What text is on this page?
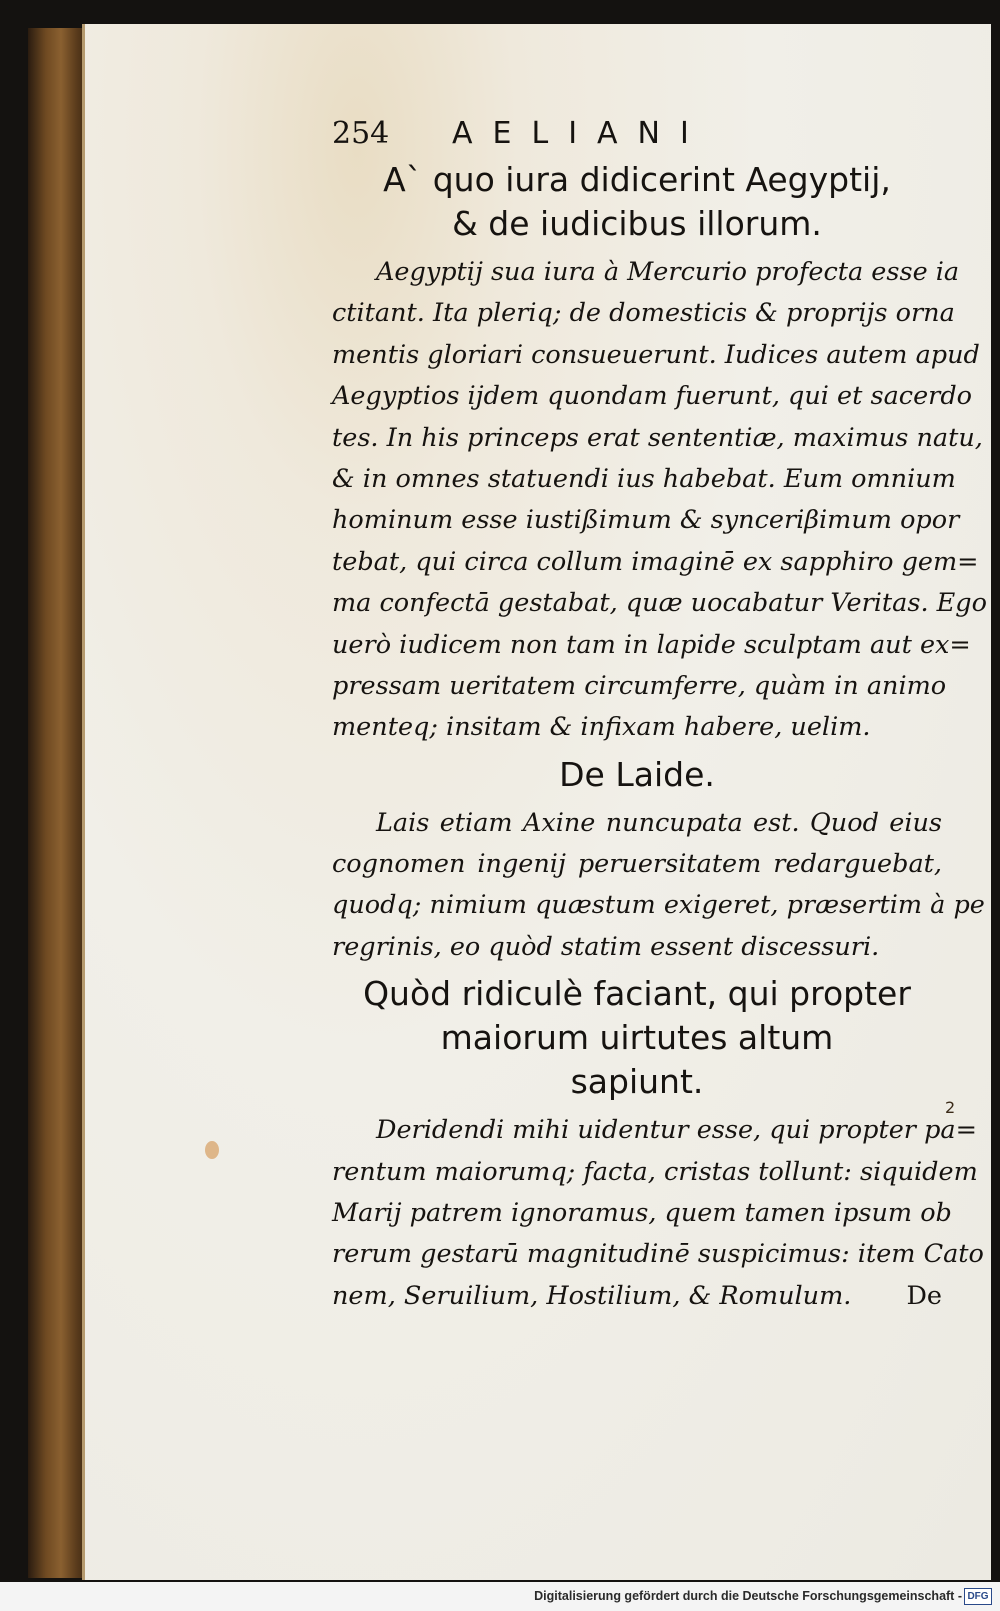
254	AELIANI

A` quo iura didicerint Aegyptij,

& de iudicibus illorum.

Aegyptij sua iura à Mercurio profecta esse ia
ctitant. Ita pleriq; de domesticis & proprijs orna
mentis gloriari consueuerunt. Iudices autem apud
Aegyptios ijdem quondam fuerunt, qui et sacerdo
tes. In his princeps erat sententiæ, maximus natu,
& in omnes statuendi ius habebat. Eum omnium
hominum esse iustißimum & synceriβimum opor
tebat, qui circa collum imaginē ex sapphiro gem=
ma confectā gestabat, quæ uocabatur Veritas. Ego
uerò iudicem non tam in lapide sculptam aut ex=
pressam ueritatem circumferre, quàm in animo
menteq; insitam & infixam habere, uelim.

De Laide.

Lais etiam Axine nuncupata est. Quod eius
cognomen ingenij peruersitatem redarguebat,
quodq; nimium quæstum exigeret, præsertim à pe
regrinis, eo quòd statim essent discessuri.

Quòd ridiculè faciant, qui propter

maiorum uirtutes altum

sapiunt.

Deridendi mihi uidentur esse, qui propter pa=
rentum maiorumq; facta, cristas tollunt: siquidem
Marij patrem ignoramus, quem tamen ipsum ob
rerum gestarū magnitudinē suspicimus: item Cato
nem, Seruilium, Hostilium, & Romulum. De
2
Digitalisierung gefördert durch die Deutsche Forschungsgemeinschaft - DFG
